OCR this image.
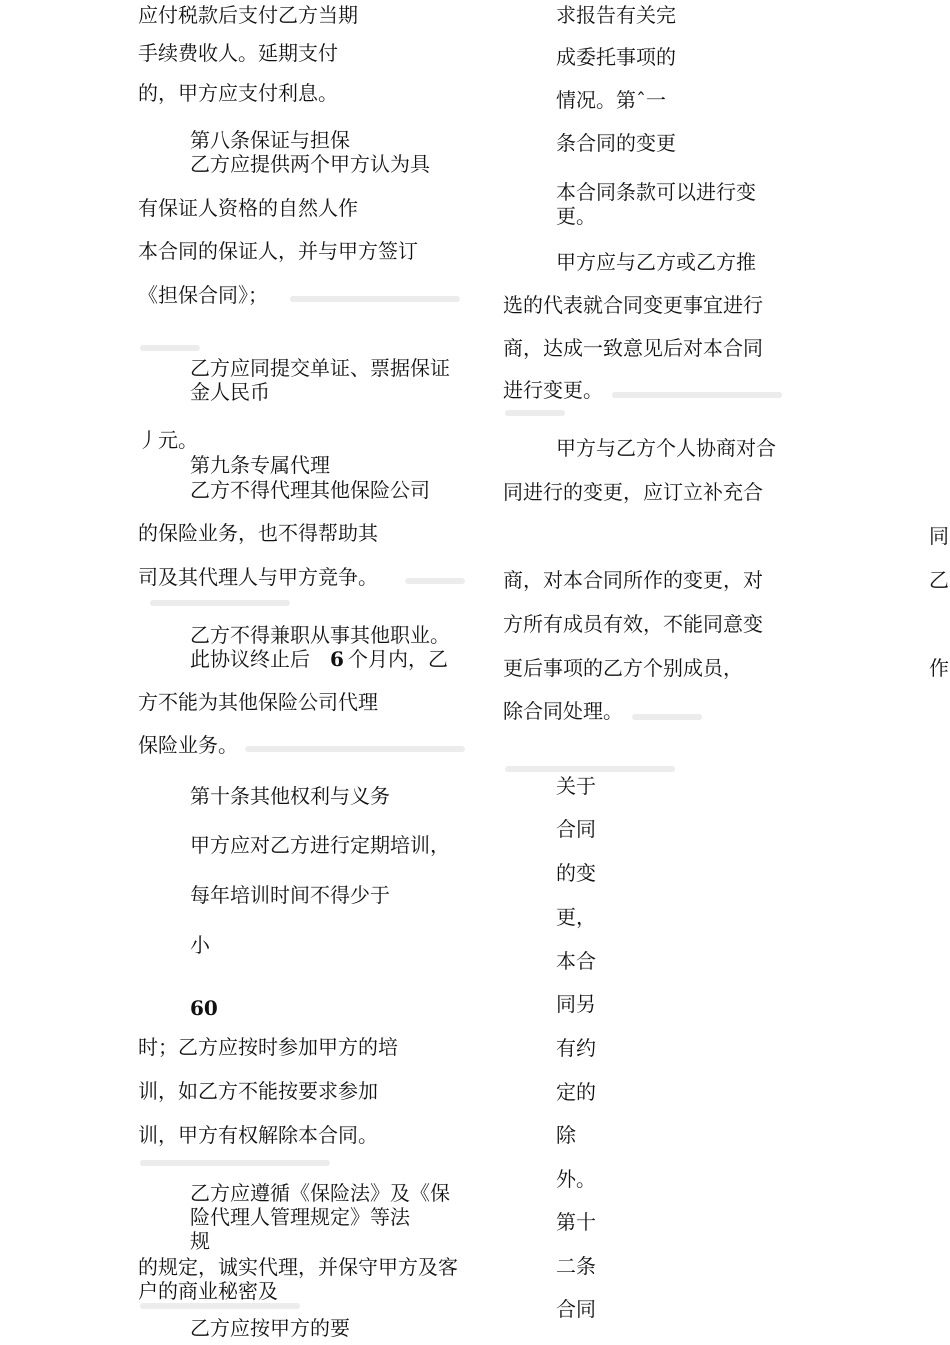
应付税款后支付乙方当期
手续费收人。延期支付
的，甲方应支付利息。
第八条保证与担保
乙方应提供两个甲方认为具
有保证人资格的自然人作
本合同的保证人，并与甲方签订
《担保合同》；
乙方应同提交单证、票据保证
金人民币
丿元。
第九条专属代理
乙方不得代理其他保险公司
的保险业务，也不得帮助其
司及其代理人与甲方竞争。
乙方不得兼职从事其他职业。
此协议终止后 6 个月内，乙
方不能为其他保险公司代理
保险业务。
第十条其他权利与义务
甲方应对乙方进行定期培训，
每年培训时间不得少于
小
60
时；乙方应按时参加甲方的培
训，如乙方不能按要求参加
训，甲方有权解除本合同。
乙方应遵循《保险法》及《保
险代理人管理规定》等法
规
的规定，诚实代理，并保守甲方及客
户的商业秘密及
乙方应按甲方的要
求报告有关完
成委托事项的
情况。第ˆ一
条合同的变更
本合同条款可以进行变
更。
甲方应与乙方或乙方推
选的代表就合同变更事宜进行
商，达成一致意见后对本合同
进行变更。
甲方与乙方个人协商对合
同进行的变更，应订立补充合
商，对本合同所作的变更，对
方所有成员有效，不能同意变
更后事项的乙方个别成员，
除合同处理。
关于
合同
的变
更，
本合
同另
有约
定的
除
外。
第十
二条
合同
同
乙
作
